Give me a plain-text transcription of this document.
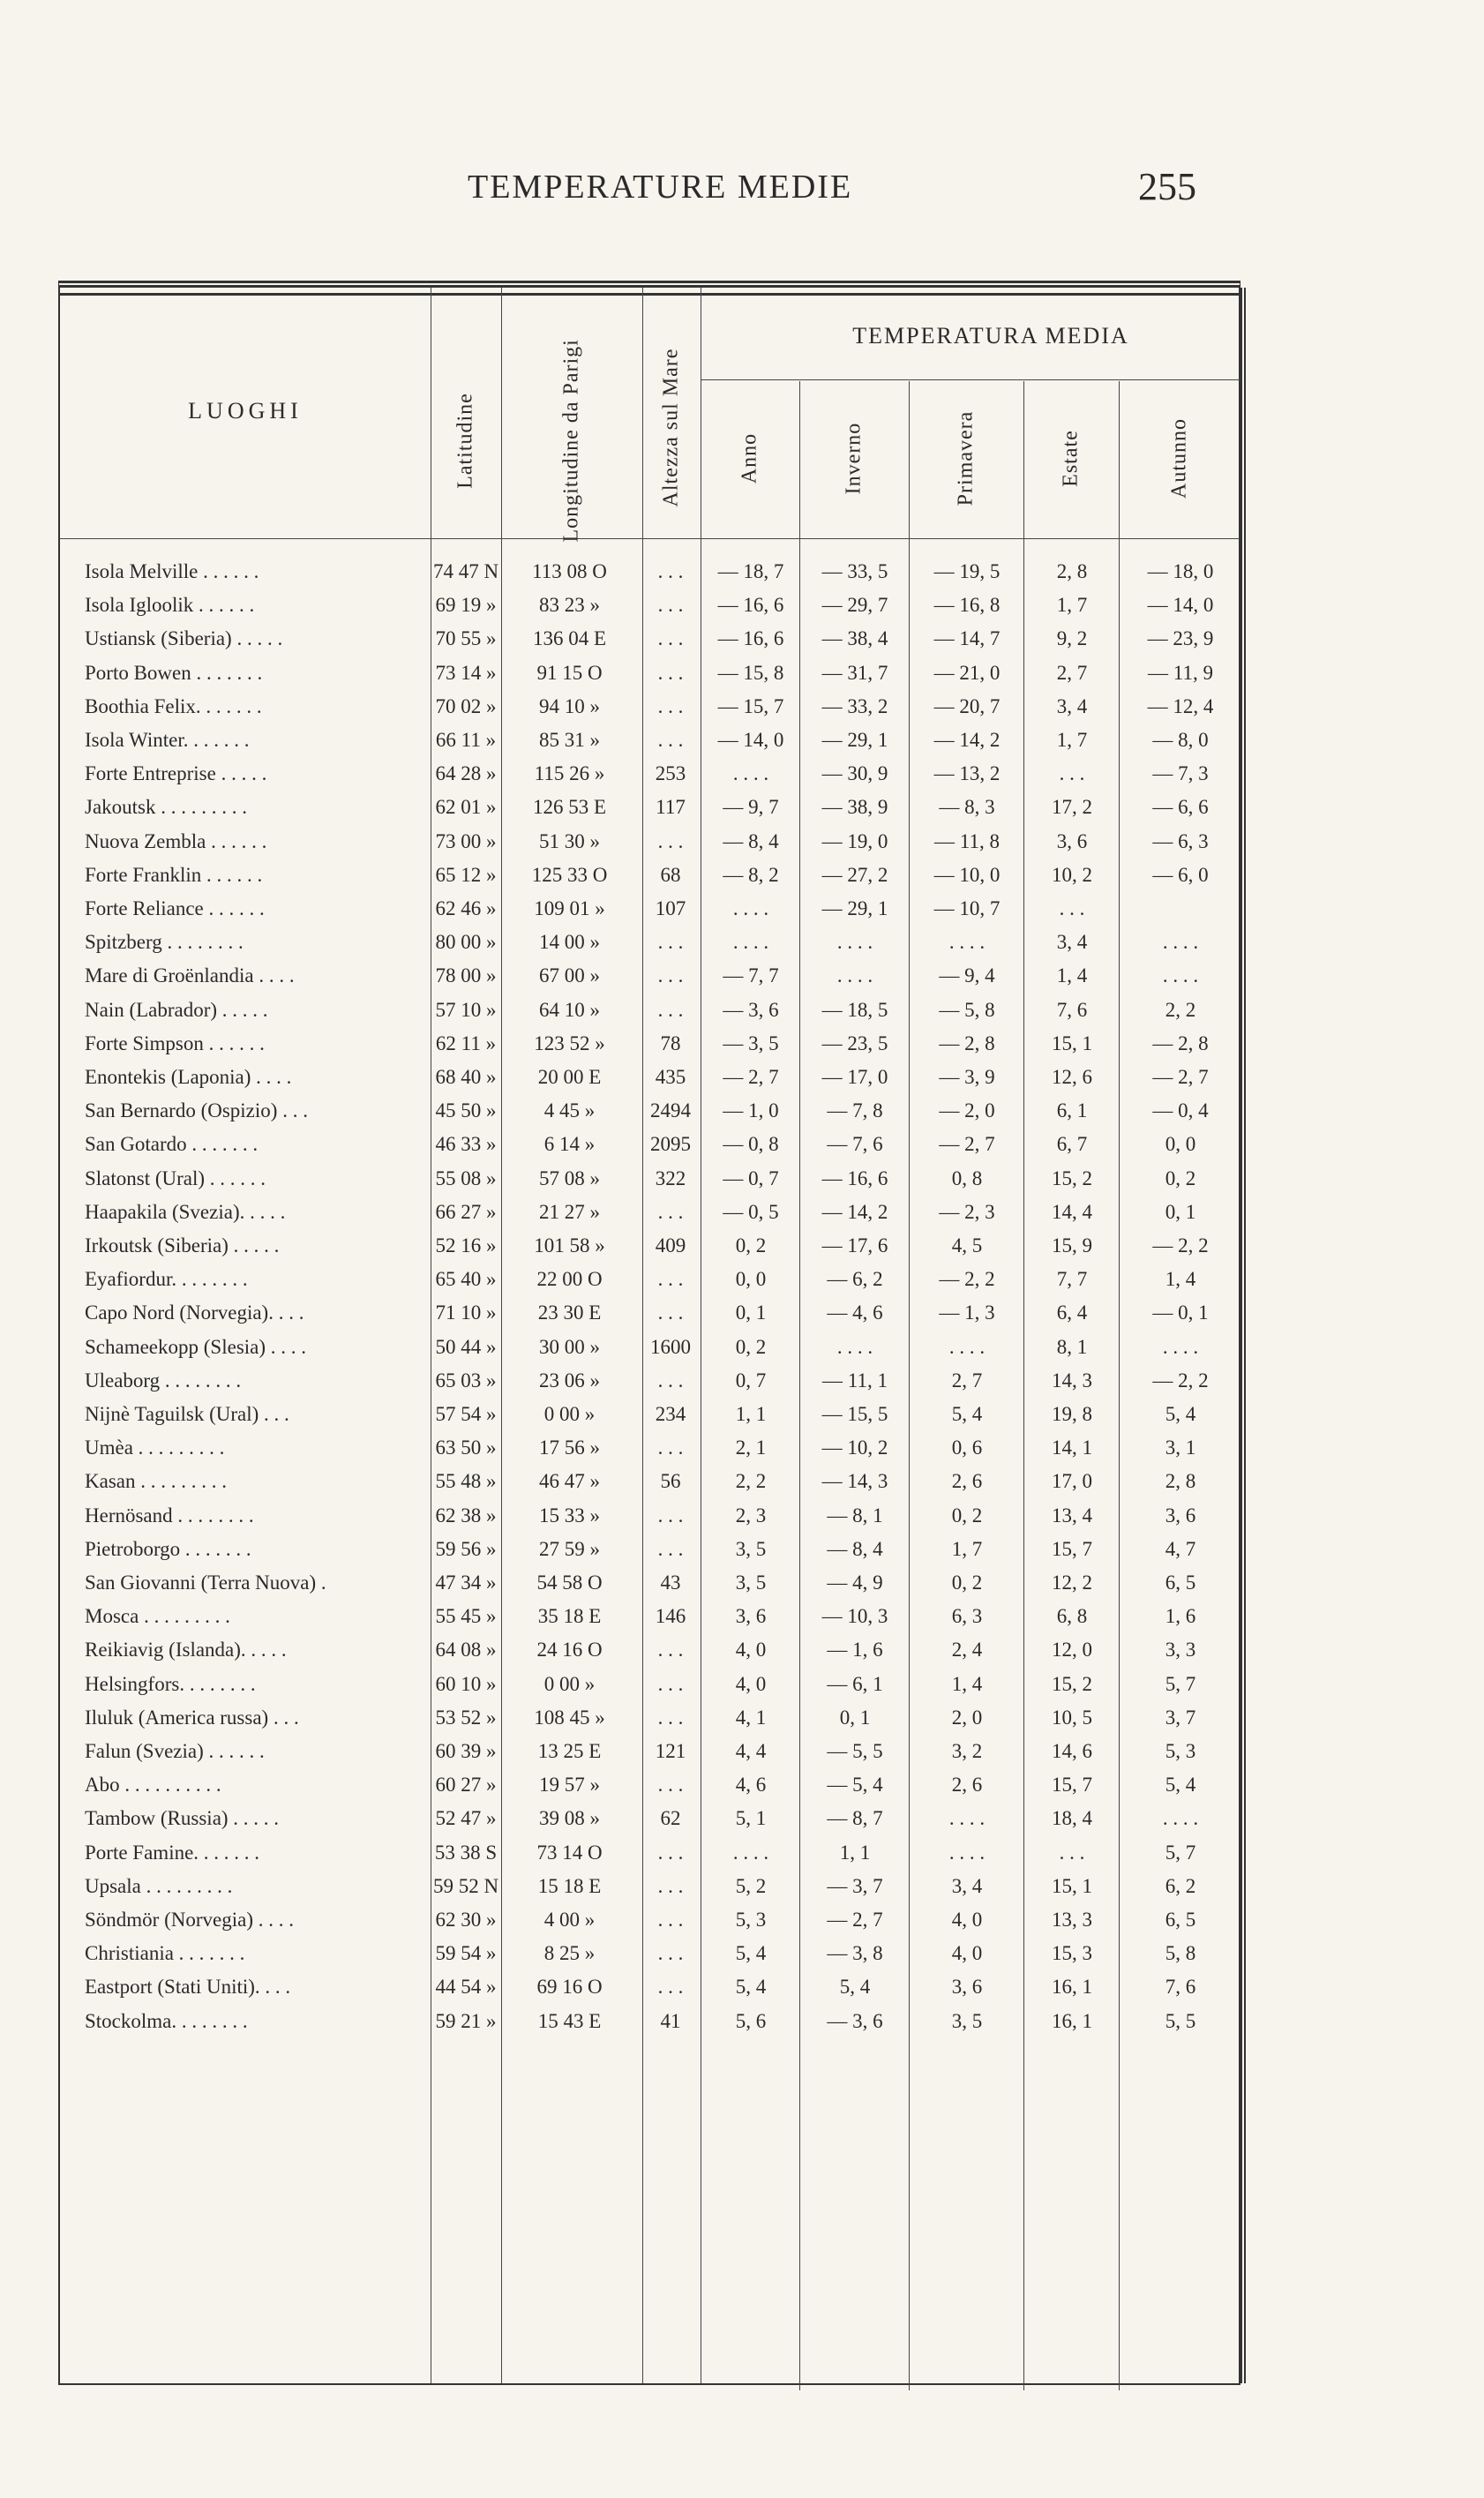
TEMPERATURE MEDIE	255
LUOGHI	Latitudine	Longitudine da Parigi	Altezza sul Mare
TEMPERATURA MEDIA
Anno	Inverno	Primavera	Estate	Autunno
Isola Melville . . . . . .	74 47 N	113 08 O	. . .	— 18, 7	— 33, 5	— 19, 5	2, 8	— 18, 0
Isola Igloolik . . . . . .	69 19 »	83 23 »	. . .	— 16, 6	— 29, 7	— 16, 8	1, 7	— 14, 0
Ustiansk (Siberia) . . . . .	70 55 »	136 04 E	. . .	— 16, 6	— 38, 4	— 14, 7	9, 2	— 23, 9
Porto Bowen . . . . . . .	73 14 »	91 15 O	. . .	— 15, 8	— 31, 7	— 21, 0	2, 7	— 11, 9
Boothia Felix. . . . . . .	70 02 »	94 10 »	. . .	— 15, 7	— 33, 2	— 20, 7	3, 4	— 12, 4
Isola Winter. . . . . . .	66 11 »	85 31 »	. . .	— 14, 0	— 29, 1	— 14, 2	1, 7	— 8, 0
Forte Entreprise . . . . .	64 28 »	115 26 »	253	. . . .	— 30, 9	— 13, 2	. . .	— 7, 3
Jakoutsk . . . . . . . . .	62 01 »	126 53 E	117	— 9, 7	— 38, 9	— 8, 3	17, 2	— 6, 6
Nuova Zembla . . . . . .	73 00 »	51 30 »	. . .	— 8, 4	— 19, 0	— 11, 8	3, 6	— 6, 3
Forte Franklin . . . . . .	65 12 »	125 33 O	68	— 8, 2	— 27, 2	— 10, 0	10, 2	— 6, 0
Forte Reliance . . . . . .	62 46 »	109 01 »	107	. . . .	— 29, 1	— 10, 7	. . .
Spitzberg . . . . . . . .	80 00 »	14 00 »	. . .	. . . .	. . . .	. . . .	3, 4	. . . .
Mare di Groënlandia . . . .	78 00 »	67 00 »	. . .	— 7, 7	. . . .	— 9, 4	1, 4	. . . .
Nain (Labrador) . . . . .	57 10 »	64 10 »	. . .	— 3, 6	— 18, 5	— 5, 8	7, 6	2, 2
Forte Simpson . . . . . .	62 11 »	123 52 »	78	— 3, 5	— 23, 5	— 2, 8	15, 1	— 2, 8
Enontekis (Laponia) . . . .	68 40 »	20 00 E	435	— 2, 7	— 17, 0	— 3, 9	12, 6	— 2, 7
San Bernardo (Ospizio) . . .	45 50 »	4 45 »	2494	— 1, 0	— 7, 8	— 2, 0	6, 1	— 0, 4
San Gotardo . . . . . . .	46 33 »	6 14 »	2095	— 0, 8	— 7, 6	— 2, 7	6, 7	0, 0
Slatonst (Ural) . . . . . .	55 08 »	57 08 »	322	— 0, 7	— 16, 6	0, 8	15, 2	0, 2
Haapakila (Svezia). . . . .	66 27 »	21 27 »	. . .	— 0, 5	— 14, 2	— 2, 3	14, 4	0, 1
Irkoutsk (Siberia) . . . . .	52 16 »	101 58 »	409	0, 2	— 17, 6	4, 5	15, 9	— 2, 2
Eyafiordur. . . . . . . .	65 40 »	22 00 O	. . .	0, 0	— 6, 2	— 2, 2	7, 7	1, 4
Capo Nord (Norvegia). . . .	71 10 »	23 30 E	. . .	0, 1	— 4, 6	— 1, 3	6, 4	— 0, 1
Schameekopp (Slesia) . . . .	50 44 »	30 00 »	1600	0, 2	. . . .	. . . .	8, 1	. . . .
Uleaborg . . . . . . . .	65 03 »	23 06 »	. . .	0, 7	— 11, 1	2, 7	14, 3	— 2, 2
Nijnè Taguilsk (Ural) . . .	57 54 »	0 00 »	234	1, 1	— 15, 5	5, 4	19, 8	5, 4
Umèa . . . . . . . . .	63 50 »	17 56 »	. . .	2, 1	— 10, 2	0, 6	14, 1	3, 1
Kasan . . . . . . . . .	55 48 »	46 47 »	56	2, 2	— 14, 3	2, 6	17, 0	2, 8
Hernösand . . . . . . . .	62 38 »	15 33 »	. . .	2, 3	— 8, 1	0, 2	13, 4	3, 6
Pietroborgo . . . . . . .	59 56 »	27 59 »	. . .	3, 5	— 8, 4	1, 7	15, 7	4, 7
San Giovanni (Terra Nuova) .	47 34 »	54 58 O	43	3, 5	— 4, 9	0, 2	12, 2	6, 5
Mosca . . . . . . . . .	55 45 »	35 18 E	146	3, 6	— 10, 3	6, 3	6, 8	1, 6
Reikiavig (Islanda). . . . .	64 08 »	24 16 O	. . .	4, 0	— 1, 6	2, 4	12, 0	3, 3
Helsingfors. . . . . . . .	60 10 »	0 00 »	. . .	4, 0	— 6, 1	1, 4	15, 2	5, 7
Iluluk (America russa) . . .	53 52 »	108 45 »	. . .	4, 1	0, 1	2, 0	10, 5	3, 7
Falun (Svezia) . . . . . .	60 39 »	13 25 E	121	4, 4	— 5, 5	3, 2	14, 6	5, 3
Abo . . . . . . . . . .	60 27 »	19 57 »	. . .	4, 6	— 5, 4	2, 6	15, 7	5, 4
Tambow (Russia) . . . . .	52 47 »	39 08 »	62	5, 1	— 8, 7	. . . .	18, 4	. . . .
Porte Famine. . . . . . .	53 38 S	73 14 O	. . .	. . . .	1, 1	. . . .	. . .	5, 7
Upsala . . . . . . . . .	59 52 N	15 18 E	. . .	5, 2	— 3, 7	3, 4	15, 1	6, 2
Söndmör (Norvegia) . . . .	62 30 »	4 00 »	. . .	5, 3	— 2, 7	4, 0	13, 3	6, 5
Christiania . . . . . . .	59 54 »	8 25 »	. . .	5, 4	— 3, 8	4, 0	15, 3	5, 8
Eastport (Stati Uniti). . . .	44 54 »	69 16 O	. . .	5, 4	5, 4	3, 6	16, 1	7, 6
Stockolma. . . . . . . .	59 21 »	15 43 E	41	5, 6	— 3, 6	3, 5	16, 1	5, 5
